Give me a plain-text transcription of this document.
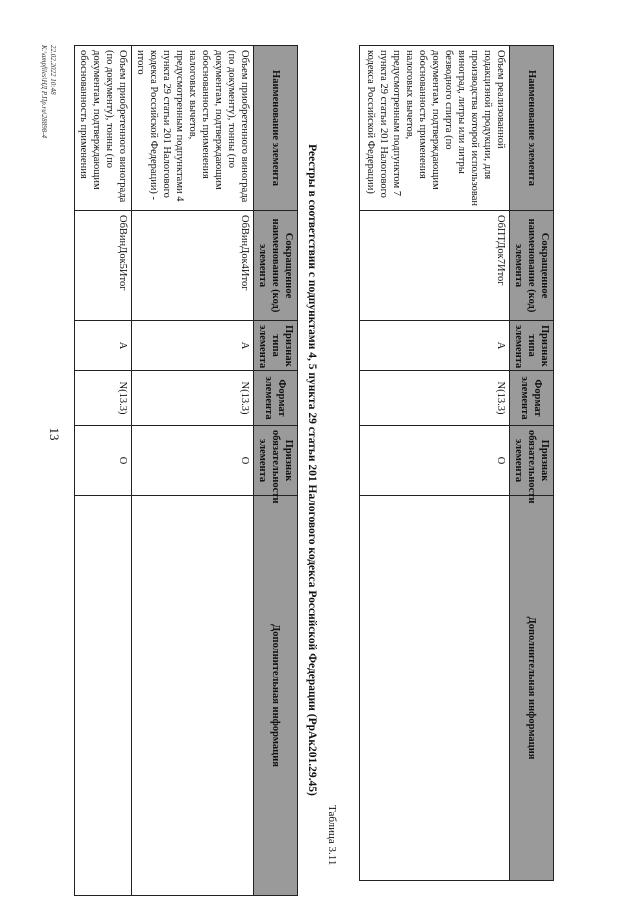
13
Наименование элемента	Сокращенное наименование (код) элемента	Признак типа элемента	Формат элемента	Признак обязательности элемента	Дополнительная информация
Объем реализованной подакцизной продукции, для производства которой использован виноград, литры или литры безводного спирта (по документам, подтверждающим обоснованность применения налоговых вычетов, предусмотренным подпунктом 7 пункта 29 статьи 201 Налогового кодекса Российской Федерации)	ОбПТДок7Итог	А	N(13.3)	О	
Таблица 3.11
Реестры в соответствии с подпунктами 4, 5 пункта 29 статьи 201 Налогового кодекса Российской Федерации (РрАк201.29.45)
Наименование элемента	Сокращенное наименование (код) элемента	Признак типа элемента	Формат элемента	Признак обязательности элемента	Дополнительная информация
Объем приобретенного винограда (по документу), тонны (по документам, подтверждающим обоснованность применения налоговых вычетов, предусмотренным подпунктами 4 пункта 29 статьи 201 Налогового кодекса Российской Федерации) - итого	ОбВинДок4Итог	А	N(13.3)	О	
Объем приобретенного винограда (по документу), тонны (по документам, подтверждающим обоснованность применения	ОбВинДок5Итог	А	N(13.3)	О	
22.02.2022 10:48
К:\ampfiles\НД Р.Пр.ru\28898-4
